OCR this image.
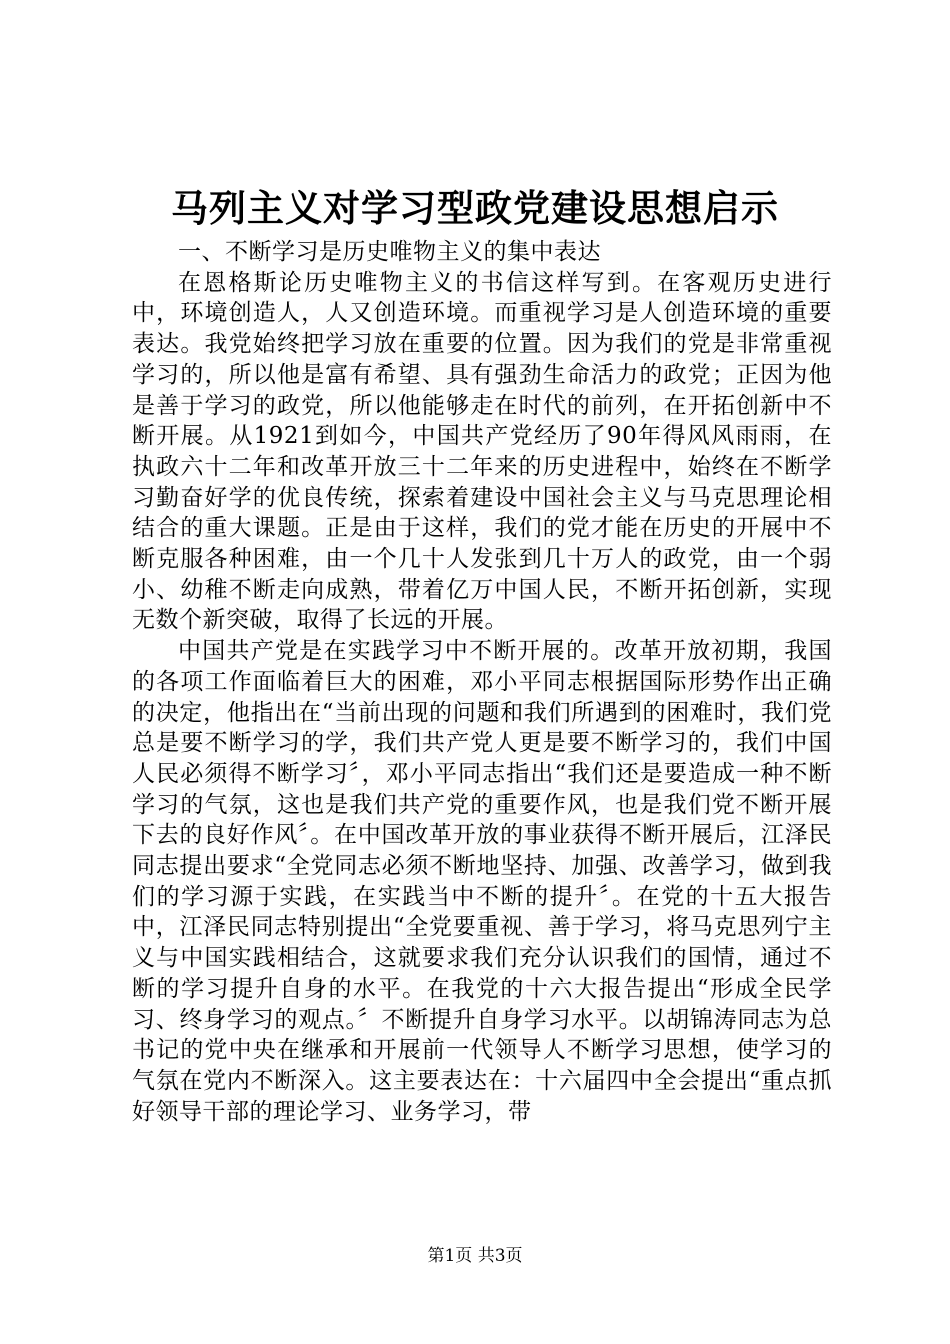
马列主义对学习型政党建设思想启示

一、不断学习是历史唯物主义的集中表达

在恩格斯论历史唯物主义的书信这样写到。在客观历史进行中，环境创造人，人又创造环境。而重视学习是人创造环境的重要表达。我党始终把学习放在重要的位置。因为我们的党是非常重视学习的，所以他是富有希望、具有强劲生命活力的政党；正因为他是善于学习的政党，所以他能够走在时代的前列，在开拓创新中不断开展。从1921到如今，中国共产党经历了90年得风风雨雨，在执政六十二年和改革开放三十二年来的历史进程中，始终在不断学习勤奋好学的优良传统，探索着建设中国社会主义与马克思理论相结合的重大课题。正是由于这样，我们的党才能在历史的开展中不断克服各种困难，由一个几十人发张到几十万人的政党，由一个弱小、幼稚不断走向成熟，带着亿万中国人民，不断开拓创新，实现无数个新突破，取得了长远的开展。

中国共产党是在实践学习中不断开展的。改革开放初期，我国的各项工作面临着巨大的困难，邓小平同志根据国际形势作出正确的决定，他指出在“当前出现的问题和我们所遇到的困难时，我们党总是要不断学习的学，我们共产党人更是要不断学习的，我们中国人民必须得不断学习〞，邓小平同志指出“我们还是要造成一种不断学习的气氛，这也是我们共产党的重要作风，也是我们党不断开展下去的良好作风〞。在中国改革开放的事业获得不断开展后，江泽民同志提出要求“全党同志必须不断地坚持、加强、改善学习，做到我们的学习源于实践，在实践当中不断的提升〞。在党的十五大报告中，江泽民同志特别提出“全党要重视、善于学习，将马克思列宁主义与中国实践相结合，这就要求我们充分认识我们的国情，通过不断的学习提升自身的水平。在我党的十六大报告提出“形成全民学习、终身学习的观点。〞不断提升自身学习水平。以胡锦涛同志为总书记的党中央在继承和开展前一代领导人不断学习思想，使学习的气氛在党内不断深入。这主要表达在：十六届四中全会提出“重点抓好领导干部的理论学习、业务学习，带

第1页 共3页
